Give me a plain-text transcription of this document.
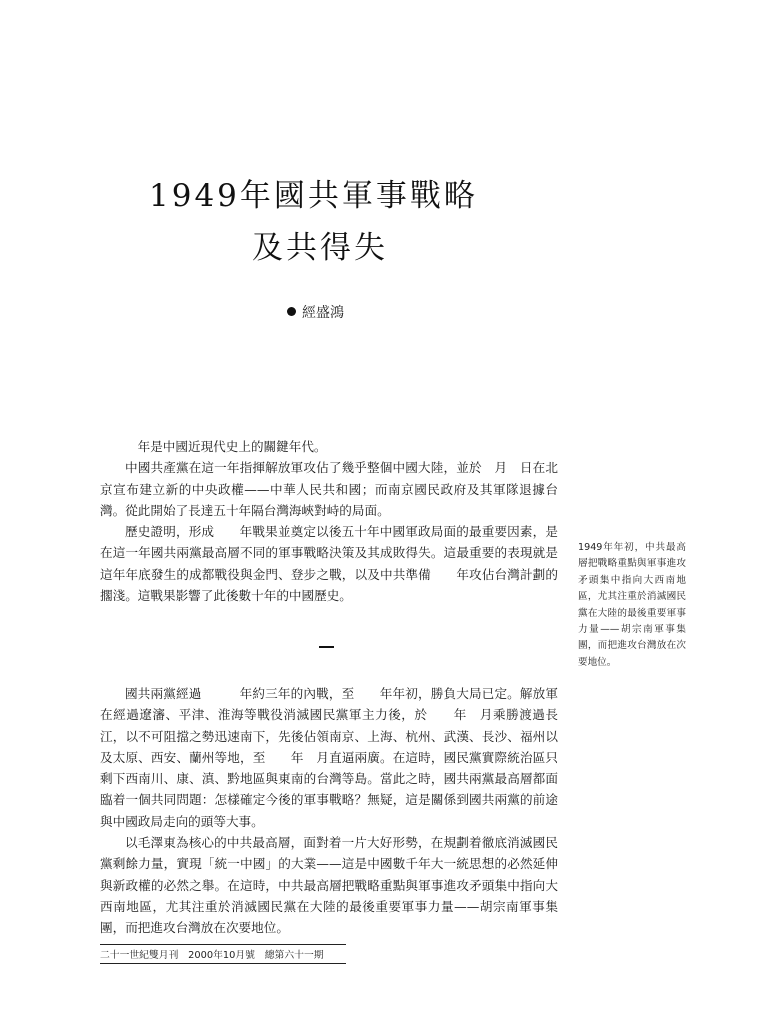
1949年國共軍事戰略
及共得失
經盛鴻

　年是中國近現代史上的關鍵年代。

中國共產黨在這一年指揮解放軍攻佔了幾乎整個中國大陸，並於　月　日在北京宣布建立新的中央政權——中華人民共和國；而南京國民政府及其軍隊退據台灣。從此開始了長達五十年隔台灣海峽對峙的局面。

歷史證明，形成　　年戰果並奠定以後五十年中國軍政局面的最重要因素，是在這一年國共兩黨最高層不同的軍事戰略決策及其成敗得失。這最重要的表現就是這年年底發生的成都戰役與金門、登步之戰，以及中共準備　　年攻佔台灣計劃的擱淺。這戰果影響了此後數十年的中國歷史。

國共兩黨經過　　　年約三年的內戰，至　　年年初，勝負大局已定。解放軍在經過遼瀋、平津、淮海等戰役消滅國民黨軍主力後，於　　年　月乘勝渡過長江，以不可阻擋之勢迅速南下，先後佔領南京、上海、杭州、武漢、長沙、福州以及太原、西安、蘭州等地，至　　年　月直逼兩廣。在這時，國民黨實際統治區只剩下西南川、康、滇、黔地區與東南的台灣等島。當此之時，國共兩黨最高層都面臨着一個共同問題：怎樣確定今後的軍事戰略？無疑，這是關係到國共兩黨的前途與中國政局走向的頭等大事。

以毛澤東為核心的中共最高層，面對着一片大好形勢，在規劃着徹底消滅國民黨剩餘力量，實現「統一中國」的大業——這是中國數千年大一統思想的必然延伸與新政權的必然之舉。在這時，中共最高層把戰略重點與軍事進攻矛頭集中指向大西南地區，尤其注重於消滅國民黨在大陸的最後重要軍事力量——胡宗南軍事集團，而把進攻台灣放在次要地位。

1949年年初，中共最高層把戰略重點與軍事進攻矛頭集中指向大西南地區，尤其注重於消滅國民黨在大陸的最後重要軍事力量——胡宗南軍事集團，而把進攻台灣放在次要地位。
二十一世紀雙月刊　2000年10月號　總第六十一期
